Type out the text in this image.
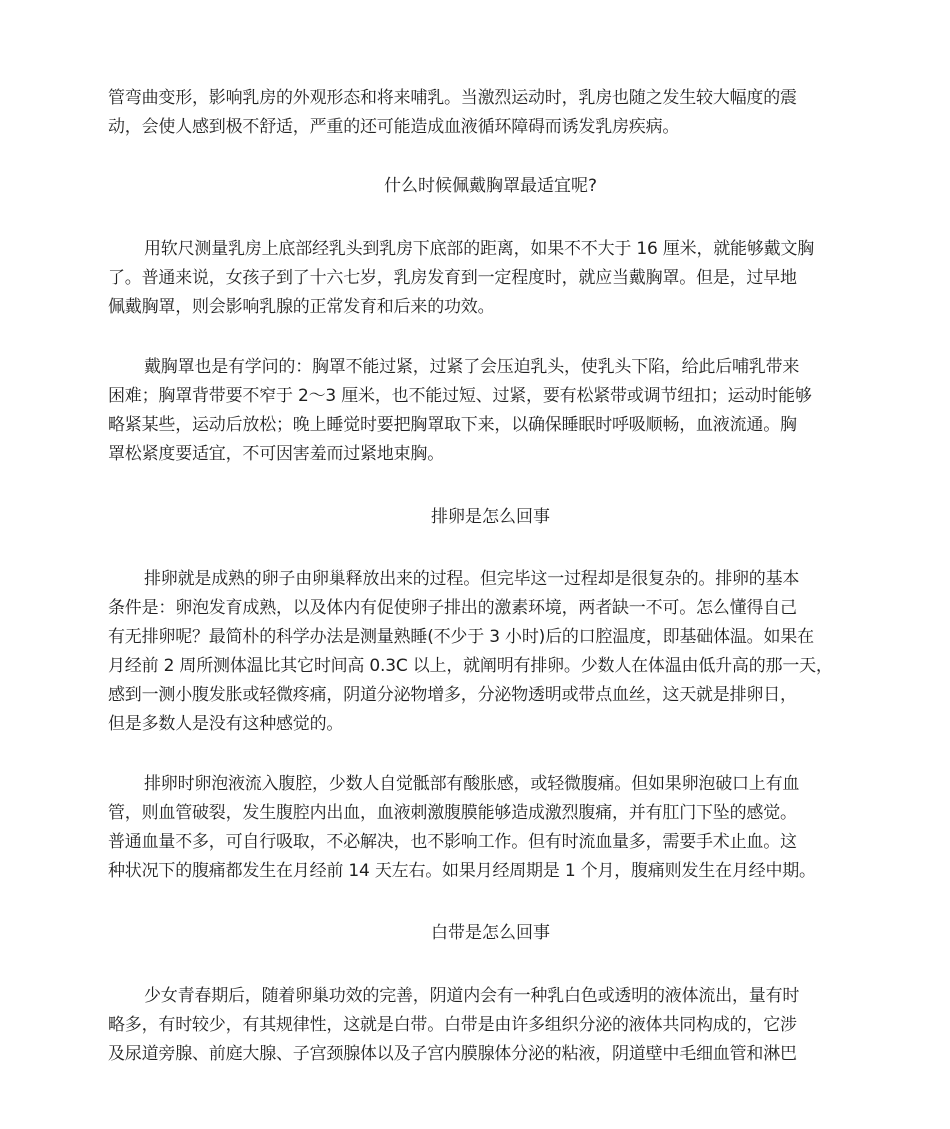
管弯曲变形，影响乳房的外观形态和将来哺乳。当激烈运动时，乳房也随之发生较大幅度的震
动，会使人感到极不舒适，严重的还可能造成血液循环障碍而诱发乳房疾病。
什么时候佩戴胸罩最适宜呢?
用软尺测量乳房上底部经乳头到乳房下底部的距离，如果不不大于 16 厘米，就能够戴文胸
了。普通来说，女孩子到了十六七岁，乳房发育到一定程度时，就应当戴胸罩。但是，过早地
佩戴胸罩，则会影响乳腺的正常发育和后来的功效。
戴胸罩也是有学问的：胸罩不能过紧，过紧了会压迫乳头，使乳头下陷，给此后哺乳带来
困难；胸罩背带要不窄于 2～3 厘米，也不能过短、过紧，要有松紧带或调节纽扣；运动时能够
略紧某些，运动后放松；晚上睡觉时要把胸罩取下来，以确保睡眠时呼吸顺畅，血液流通。胸
罩松紧度要适宜，不可因害羞而过紧地束胸。
排卵是怎么回事
排卵就是成熟的卵子由卵巢释放出来的过程。但完毕这一过程却是很复杂的。排卵的基本
条件是：卵泡发育成熟，以及体内有促使卵子排出的激素环境，两者缺一不可。怎么懂得自己
有无排卵呢？最简朴的科学办法是测量熟睡(不少于 3 小时)后的口腔温度，即基础体温。如果在
月经前 2 周所测体温比其它时间高 0.3C 以上，就阐明有排卵。少数人在体温由低升高的那一天，
感到一测小腹发胀或轻微疼痛，阴道分泌物增多，分泌物透明或带点血丝，这天就是排卵日，
但是多数人是没有这种感觉的。
排卵时卵泡液流入腹腔，少数人自觉骶部有酸胀感，或轻微腹痛。但如果卵泡破口上有血
管，则血管破裂，发生腹腔内出血，血液刺激腹膜能够造成激烈腹痛，并有肛门下坠的感觉。
普通血量不多，可自行吸取，不必解决，也不影响工作。但有时流血量多，需要手术止血。这
种状况下的腹痛都发生在月经前 14 天左右。如果月经周期是 1 个月，腹痛则发生在月经中期。
白带是怎么回事
少女青春期后，随着卵巢功效的完善，阴道内会有一种乳白色或透明的液体流出，量有时
略多，有时较少，有其规律性，这就是白带。白带是由许多组织分泌的液体共同构成的，它涉
及尿道旁腺、前庭大腺、子宫颈腺体以及子宫内膜腺体分泌的粘液，阴道壁中毛细血管和淋巴
